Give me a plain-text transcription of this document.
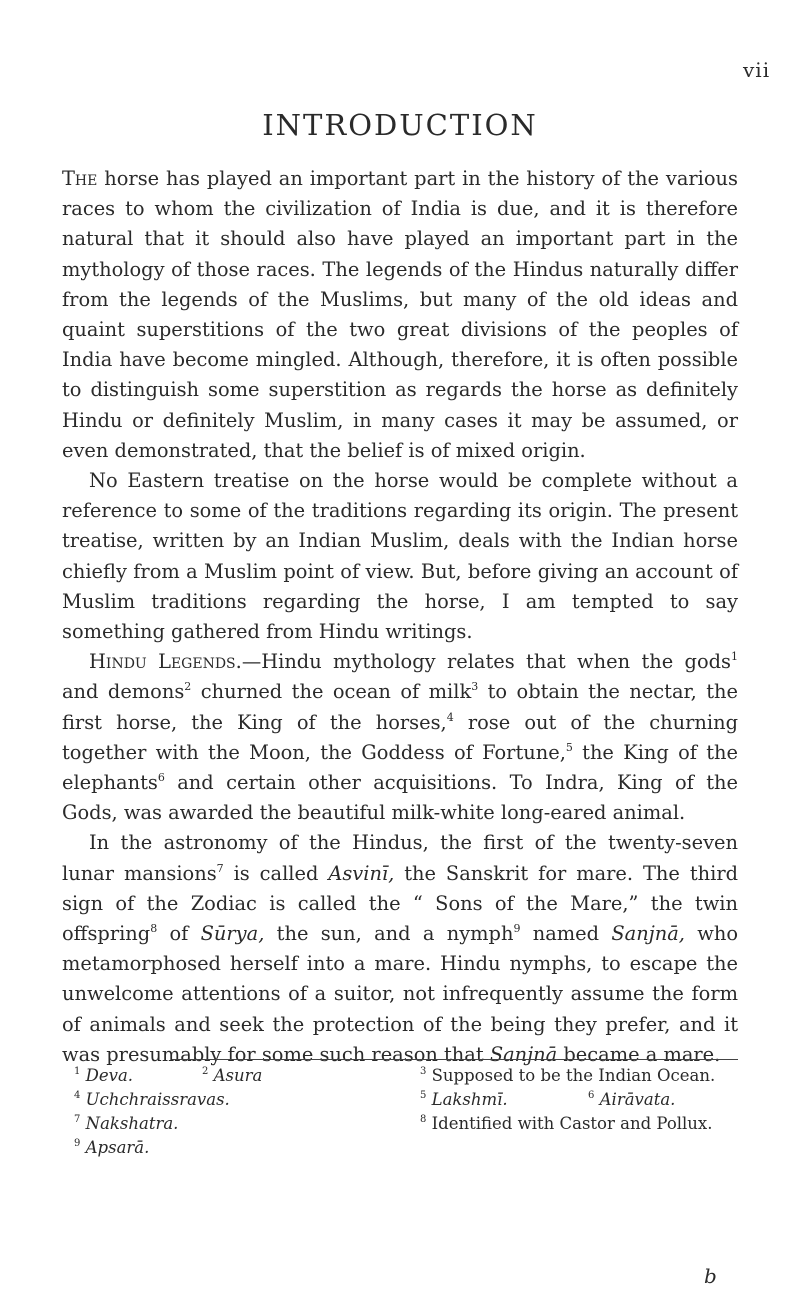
vii
INTRODUCTION

The horse has played an important part in the history of the various races to whom the civilization of India is due, and it is therefore natural that it should also have played an important part in the mythology of those races. The legends of the Hindus naturally differ from the legends of the Muslims, but many of the old ideas and quaint superstitions of the two great divisions of the peoples of India have become mingled. Although, therefore, it is often possible to distinguish some superstition as regards the horse as definitely Hindu or definitely Muslim, in many cases it may be assumed, or even demonstrated, that the belief is of mixed origin.

No Eastern treatise on the horse would be complete without a reference to some of the traditions regarding its origin. The present treatise, written by an Indian Muslim, deals with the Indian horse chiefly from a Muslim point of view. But, before giving an account of Muslim traditions regarding the horse, I am tempted to say something gathered from Hindu writings.

Hindu Legends.—Hindu mythology relates that when the gods$^1$ and demons$^2$ churned the ocean of milk$^3$ to obtain the nectar, the first horse, the King of the horses,$^4$ rose out of the churning together with the Moon, the Goddess of Fortune,$^5$ the King of the elephants$^6$ and certain other acquisitions. To Indra, King of the Gods, was awarded the beautiful milk-white long-eared animal.

In the astronomy of the Hindus, the first of the twenty-seven lunar mansions$^7$ is called Asvinī, the Sanskrit for mare. The third sign of the Zodiac is called the “ Sons of the Mare,” the twin offspring$^8$ of Sūrya, the sun, and a nymph$^9$ named Sanjnā, who metamorphosed herself into a mare. Hindu nymphs, to escape the unwelcome attentions of a suitor, not infrequently assume the form of animals and seek the protection of the being they prefer, and it was presumably for some such reason that Sanjnā became a mare.

$^1$ Deva.	$^2$ Asura	$^3$ Supposed to be the Indian Ocean.
$^4$ Uchchraissravas.	$^5$ Lakshmī.	$^6$ Airāvata.
$^7$ Nakshatra.	$^8$ Identified with Castor and Pollux.
$^9$ Apsarā.
b
